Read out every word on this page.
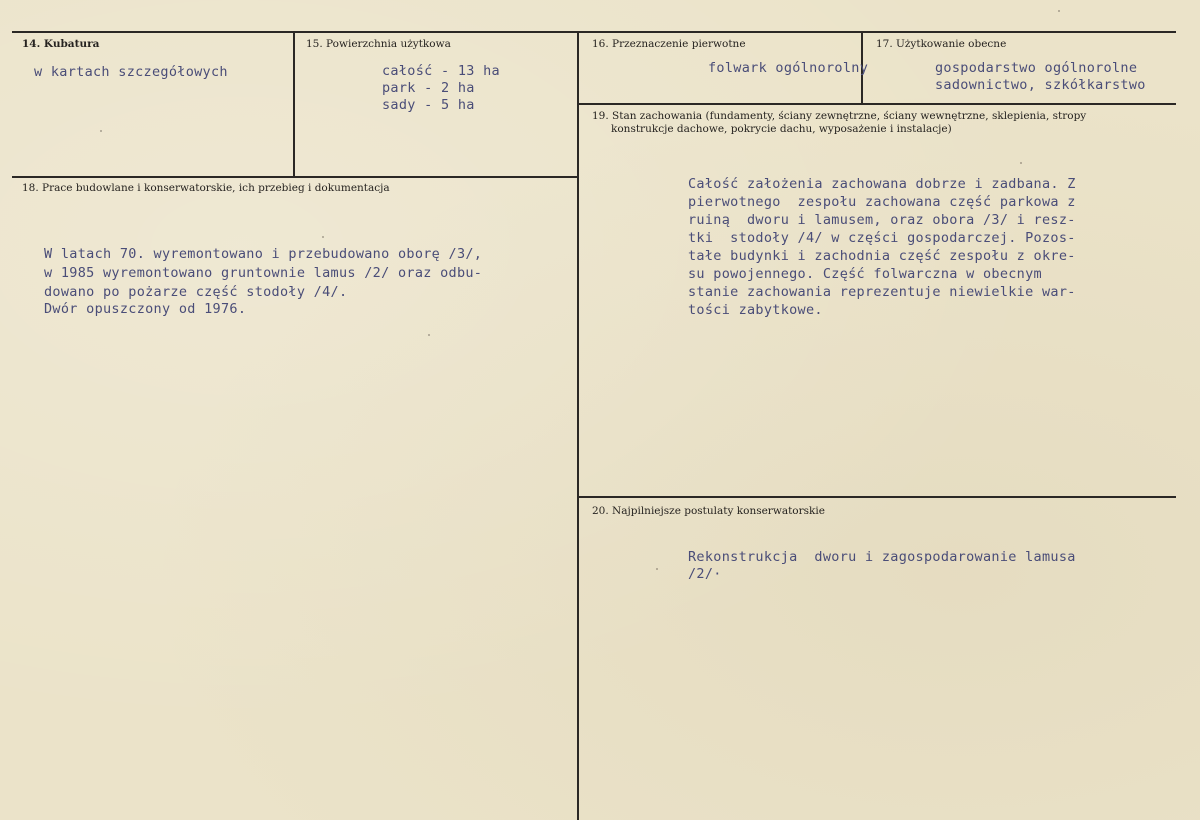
14. Kubatura
w kartach szczegółowych
15. Powierzchnia użytkowa
całość - 13 ha
park - 2 ha
sady - 5 ha
16. Przeznaczenie pierwotne
folwark ogólnorolny
17. Użytkowanie obecne
gospodarstwo ogólnorolne
sadownictwo, szkółkarstwo
18. Prace budowlane i konserwatorskie, ich przebieg i dokumentacja
W latach 70. wyremontowano i przebudowano oborę /3/,
w 1985 wyremontowano gruntownie lamus /2/ oraz odbu-
dowano po pożarze część stodoły /4/.
Dwór opuszczony od 1976.
19. Stan zachowania (fundamenty, ściany zewnętrzne, ściany wewnętrzne, sklepienia, stropy
konstrukcje dachowe, pokrycie dachu, wyposażenie i instalacje)
Całość założenia zachowana dobrze i zadbana. Z
pierwotnego  zespołu zachowana część parkowa z
ruiną  dworu i lamusem, oraz obora /3/ i resz-
tki  stodoły /4/ w części gospodarczej. Pozos-
tałe budynki i zachodnia część zespołu z okre-
su powojennego. Część folwarczna w obecnym
stanie zachowania reprezentuje niewielkie war-
tości zabytkowe.
20. Najpilniejsze postulaty konserwatorskie
Rekonstrukcja  dworu i zagospodarowanie lamusa
/2/·
